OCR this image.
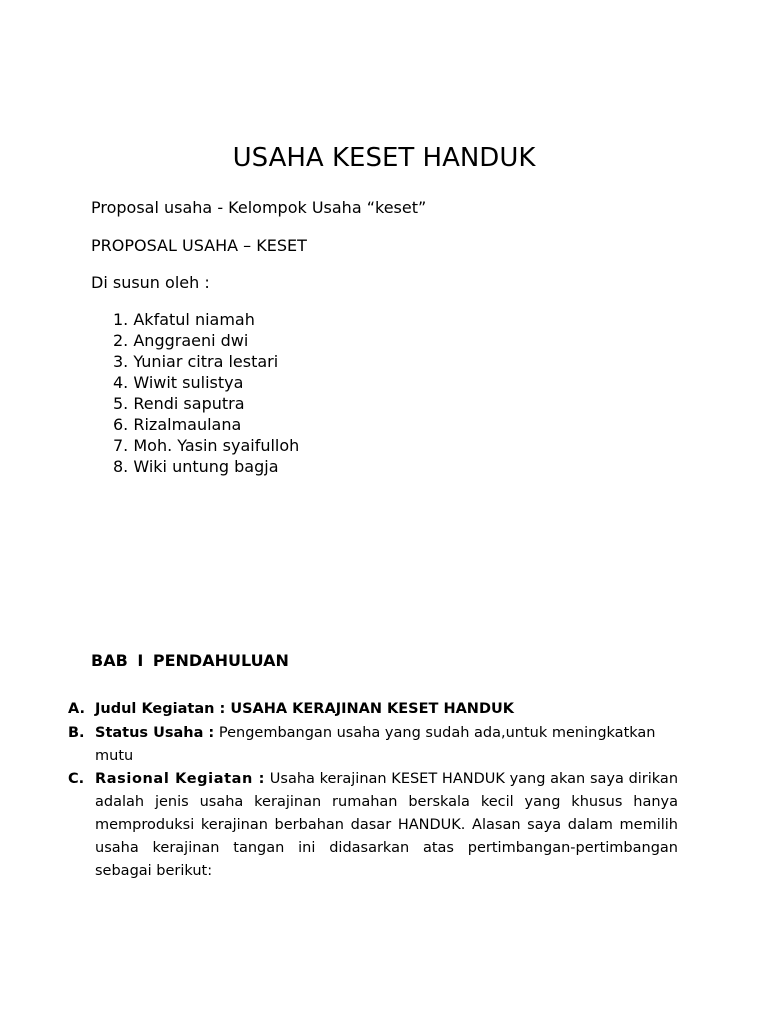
USAHA KESET HANDUK
Proposal usaha - Kelompok Usaha “keset”
PROPOSAL USAHA – KESET
Di susun oleh :
1. Akfatul niamah
2. Anggraeni dwi
3. Yuniar citra lestari
4. Wiwit sulistya
5. Rendi saputra
6. Rizalmaulana
7. Moh. Yasin syaifulloh
8. Wiki untung bagja
BAB I PENDAHULUAN
A. Judul Kegiatan : USAHA KERAJINAN KESET HANDUK
B. Status Usaha : Pengembangan usaha yang sudah ada,untuk meningkatkan mutu
C. Rasional Kegiatan : Usaha kerajinan KESET HANDUK yang akan saya dirikan adalah jenis usaha kerajinan rumahan berskala kecil yang khusus hanya memproduksi kerajinan berbahan dasar HANDUK. Alasan saya dalam memilih usaha kerajinan tangan ini didasarkan atas pertimbangan-pertimbangan sebagai berikut:
